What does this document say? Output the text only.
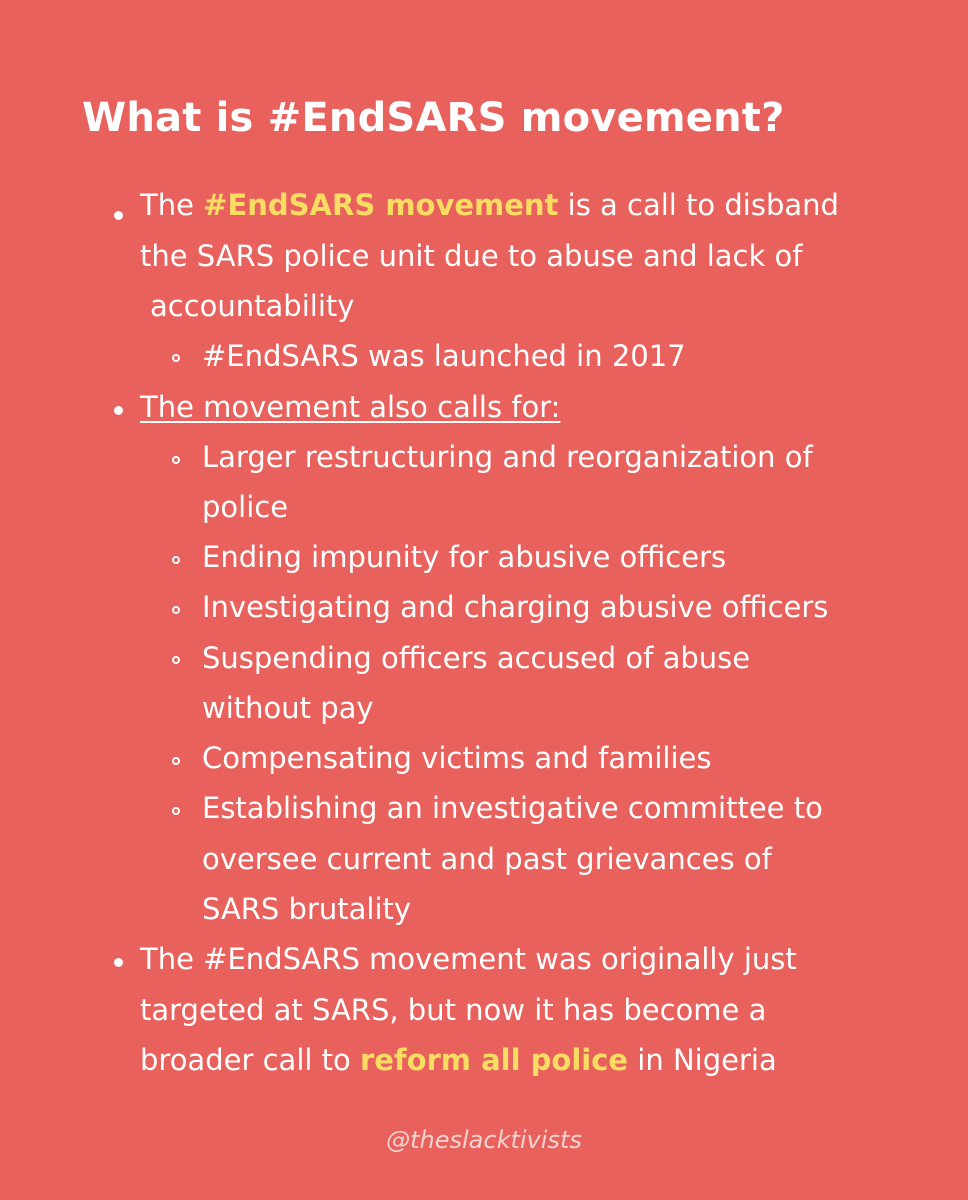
What is #EndSARS movement?
The #EndSARS movement is a call to disband
the SARS police unit due to abuse and lack of
accountability
#EndSARS was launched in 2017
The movement also calls for:
Larger restructuring and reorganization of
police
Ending impunity for abusive officers
Investigating and charging abusive officers
Suspending officers accused of abuse
without pay
Compensating victims and families
Establishing an investigative committee to
oversee current and past grievances of
SARS brutality
The #EndSARS movement was originally just
targeted at SARS, but now it has become a
broader call to reform all police in Nigeria
@theslacktivists
